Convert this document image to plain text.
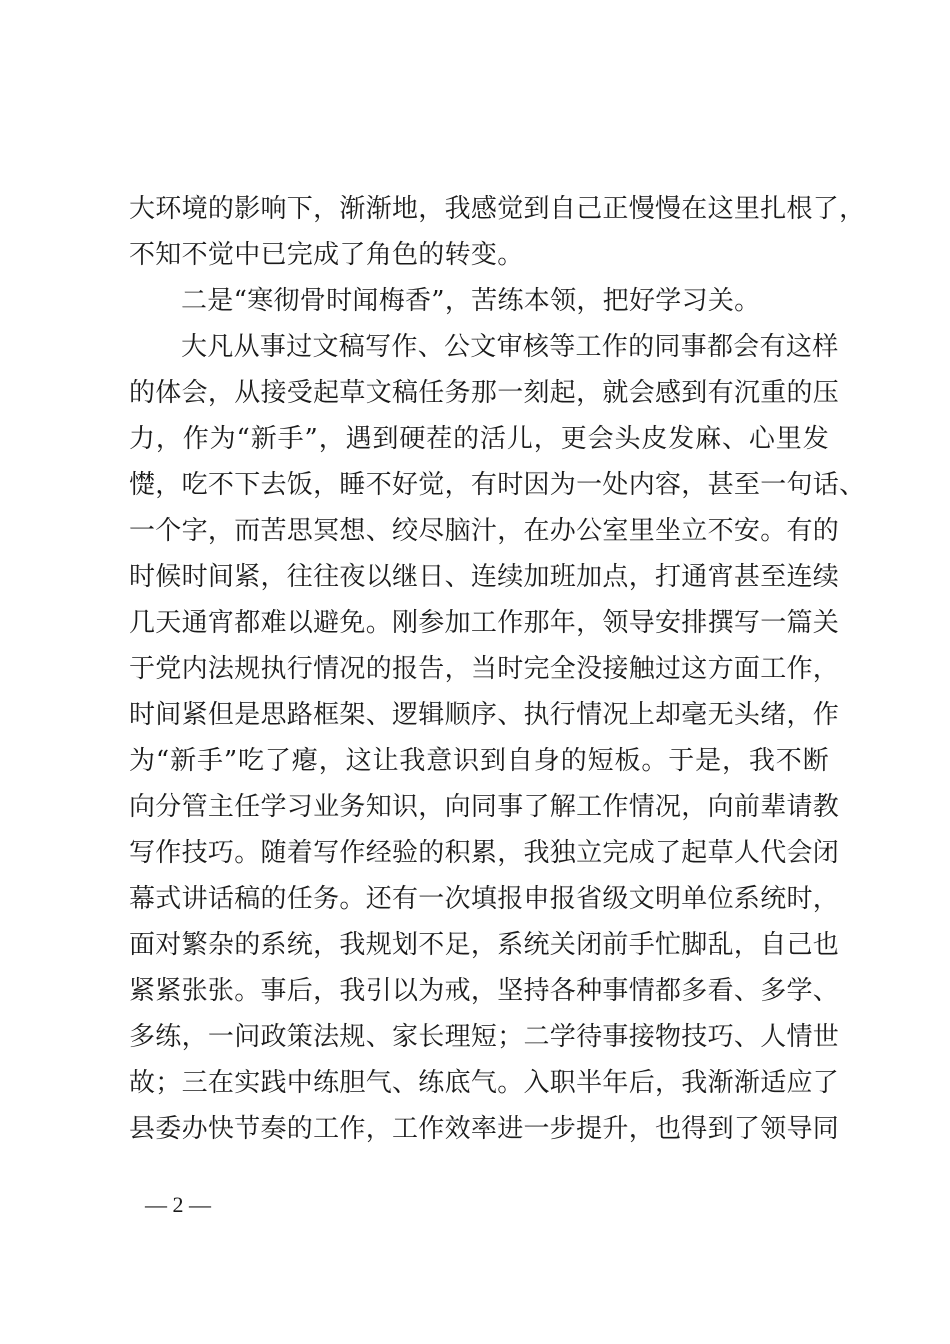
大环境的影响下，渐渐地，我感觉到自己正慢慢在这里扎根了，
不知不觉中已完成了角色的转变。
二是“寒彻骨时闻梅香”，苦练本领，把好学习关。
大凡从事过文稿写作、公文审核等工作的同事都会有这样
的体会，从接受起草文稿任务那一刻起，就会感到有沉重的压
力，作为“新手”，遇到硬茬的活儿，更会头皮发麻、心里发
憷，吃不下去饭，睡不好觉，有时因为一处内容，甚至一句话、
一个字，而苦思冥想、绞尽脑汁，在办公室里坐立不安。有的
时候时间紧，往往夜以继日、连续加班加点，打通宵甚至连续
几天通宵都难以避免。刚参加工作那年，领导安排撰写一篇关
于党内法规执行情况的报告，当时完全没接触过这方面工作，
时间紧但是思路框架、逻辑顺序、执行情况上却毫无头绪，作
为“新手”吃了瘪，这让我意识到自身的短板。于是，我不断
向分管主任学习业务知识，向同事了解工作情况，向前辈请教
写作技巧。随着写作经验的积累，我独立完成了起草人代会闭
幕式讲话稿的任务。还有一次填报申报省级文明单位系统时，
面对繁杂的系统，我规划不足，系统关闭前手忙脚乱，自己也
紧紧张张。事后，我引以为戒，坚持各种事情都多看、多学、
多练，一问政策法规、家长理短；二学待事接物技巧、人情世
故；三在实践中练胆气、练底气。入职半年后，我渐渐适应了
县委办快节奏的工作，工作效率进一步提升，也得到了领导同
— 2 —
